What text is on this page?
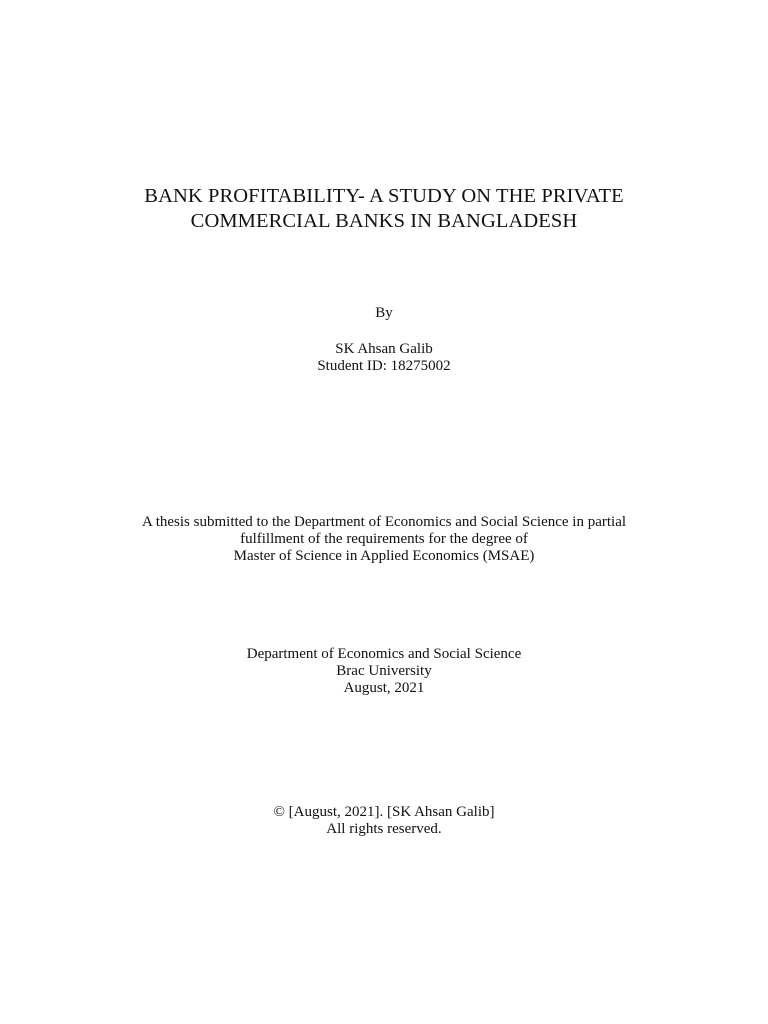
BANK PROFITABILITY- A STUDY ON THE PRIVATE
COMMERCIAL BANKS IN BANGLADESH
By
SK Ahsan Galib
Student ID: 18275002
A thesis submitted to the Department of Economics and Social Science in partial
fulfillment of the requirements for the degree of
Master of Science in Applied Economics (MSAE)
Department of Economics and Social Science
Brac University
August, 2021
© [August, 2021]. [SK Ahsan Galib]
All rights reserved.
